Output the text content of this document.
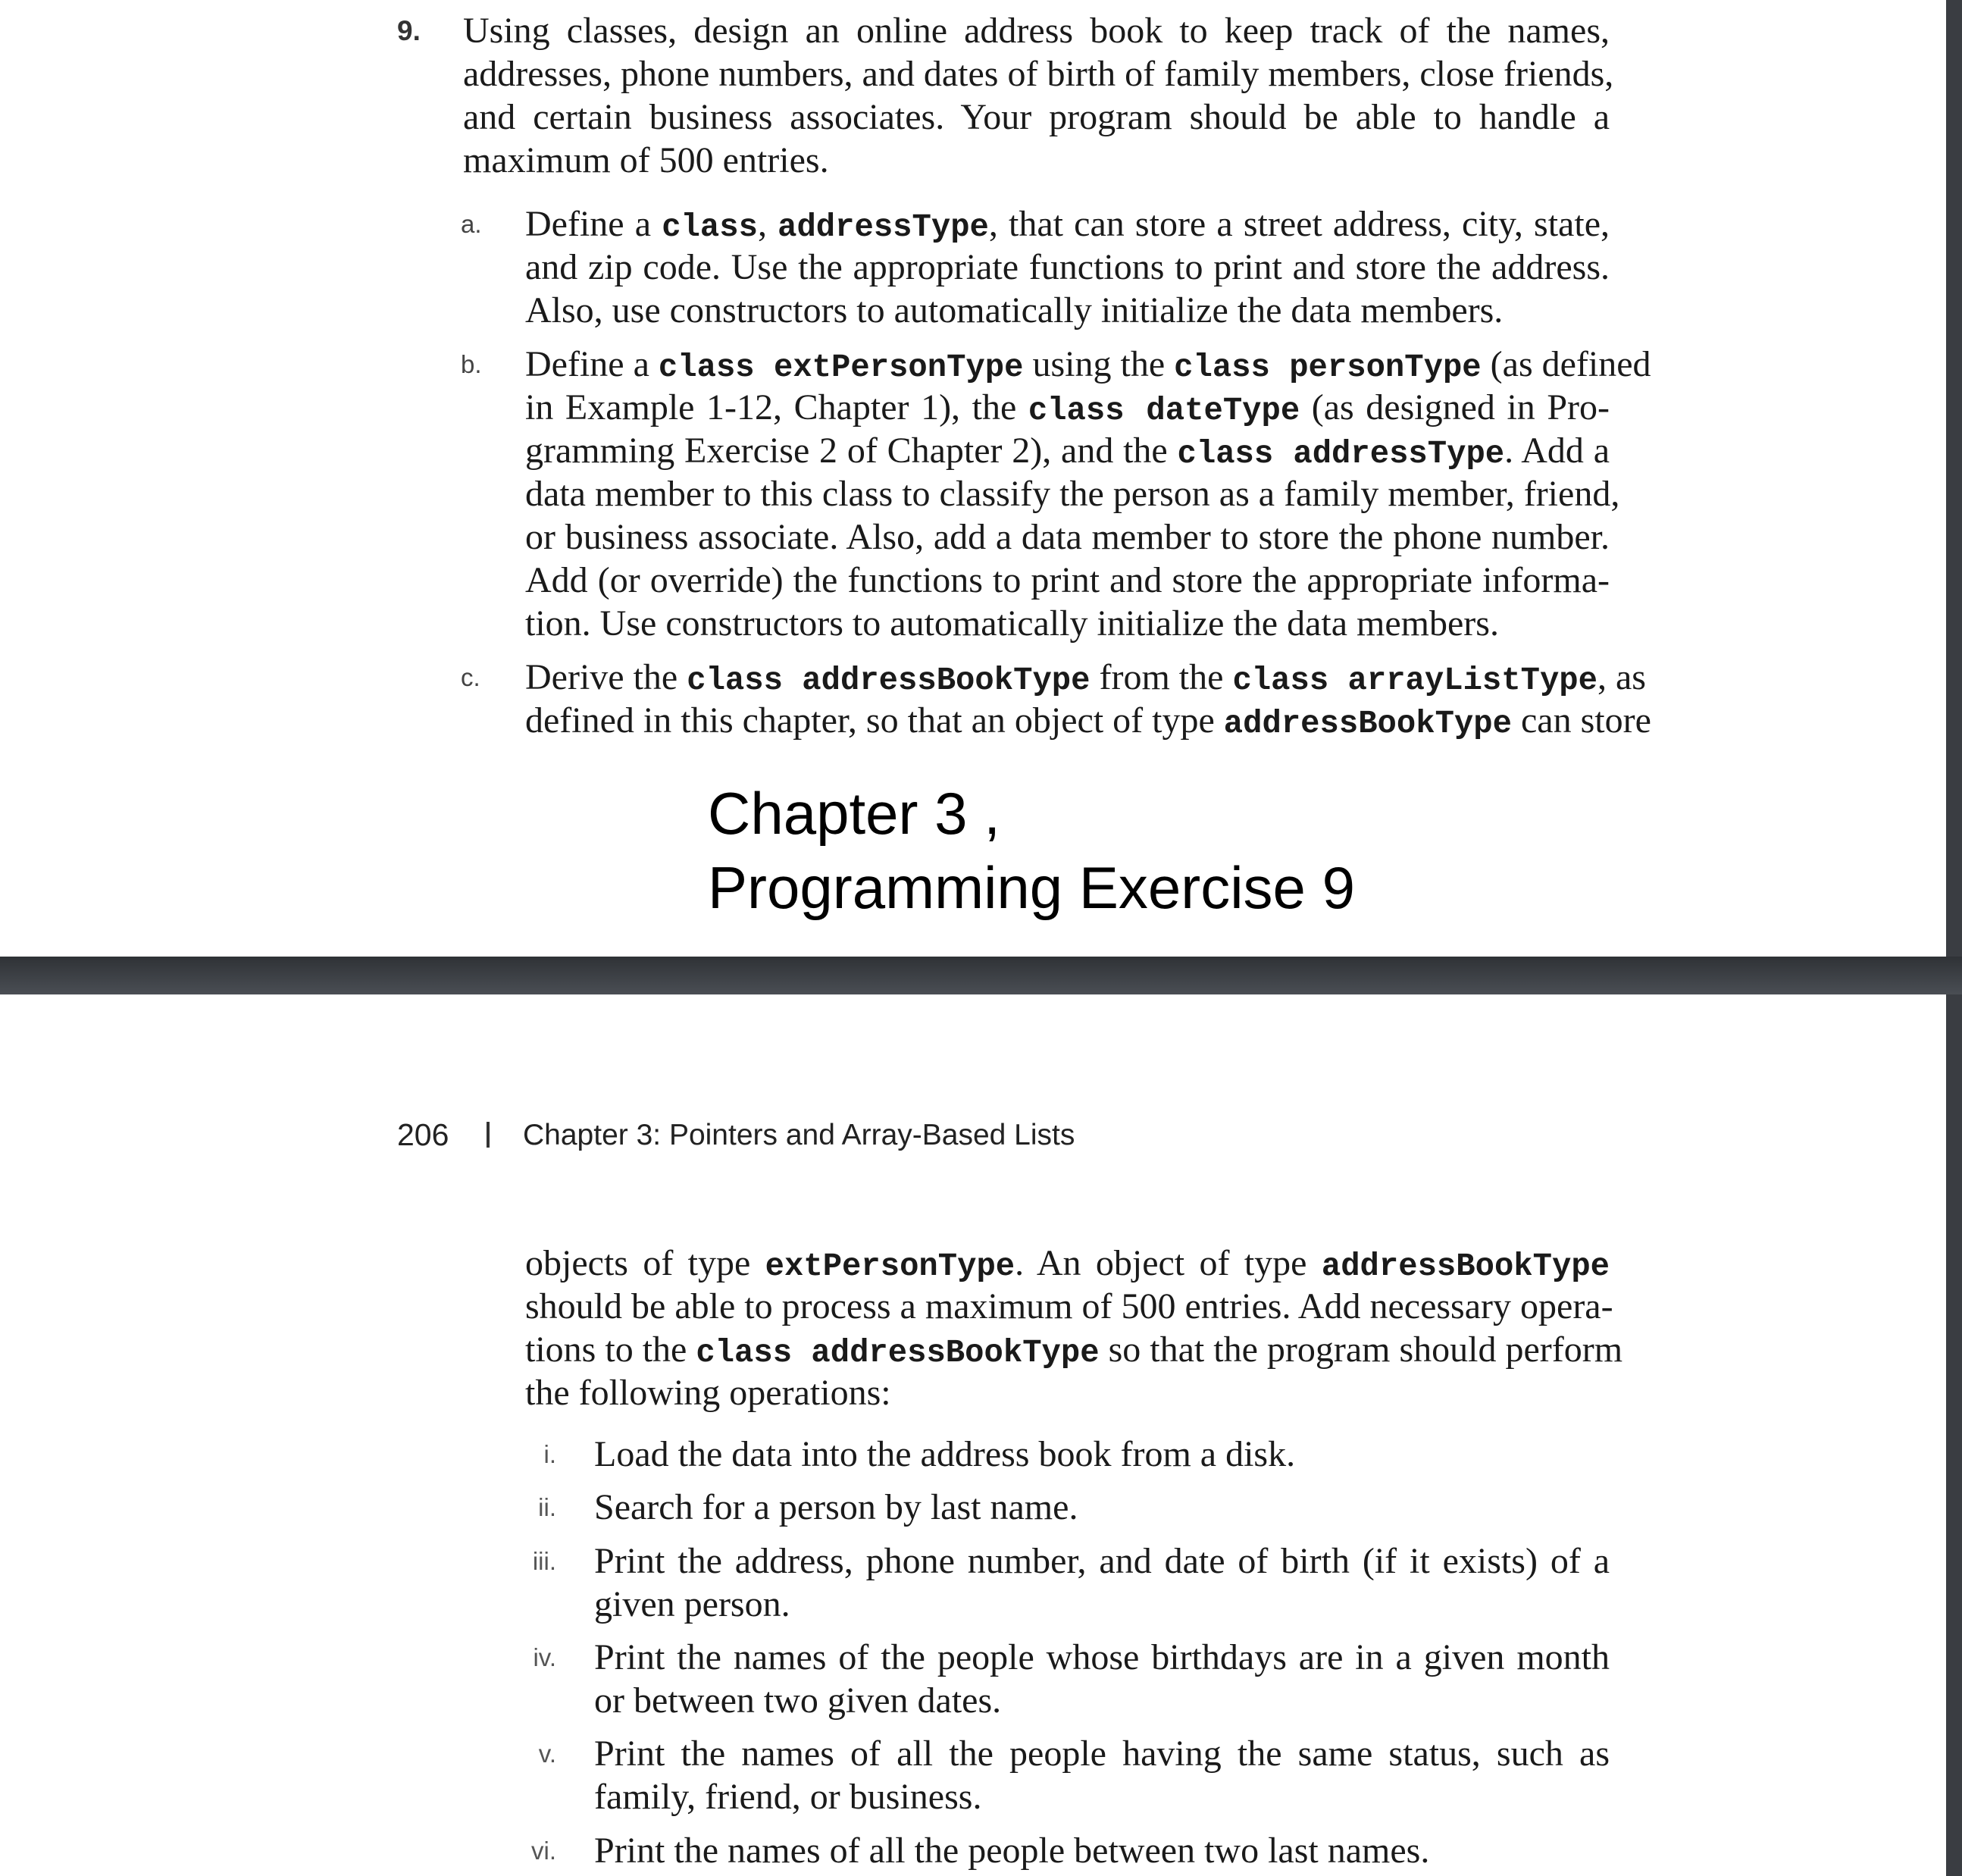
9. Using classes, design an online address book to keep track of the names,
addresses, phone numbers, and dates of birth of family members, close friends,
and certain business associates. Your program should be able to handle a
maximum of 500 entries.
a. Define a class, addressType, that can store a street address, city, state,
and zip code. Use the appropriate functions to print and store the address.
Also, use constructors to automatically initialize the data members.
b. Define a class extPersonType using the class personType (as defined
in Example 1-12, Chapter 1), the class dateType (as designed in Pro-
gramming Exercise 2 of Chapter 2), and the class addressType. Add a
data member to this class to classify the person as a family member, friend,
or business associate. Also, add a data member to store the phone number.
Add (or override) the functions to print and store the appropriate informa-
tion. Use constructors to automatically initialize the data members.
c. Derive the class addressBookType from the class arrayListType, as
defined in this chapter, so that an object of type addressBookType can store
Chapter 3 ,
Programming Exercise 9
206	Chapter 3: Pointers and Array-Based Lists
objects of type extPersonType. An object of type addressBookType
should be able to process a maximum of 500 entries. Add necessary opera-
tions to the class addressBookType so that the program should perform
the following operations:
i. Load the data into the address book from a disk.
ii. Search for a person by last name.
iii. Print the address, phone number, and date of birth (if it exists) of a
given person.
iv. Print the names of the people whose birthdays are in a given month
or between two given dates.
v. Print the names of all the people having the same status, such as
family, friend, or business.
vi. Print the names of all the people between two last names.
